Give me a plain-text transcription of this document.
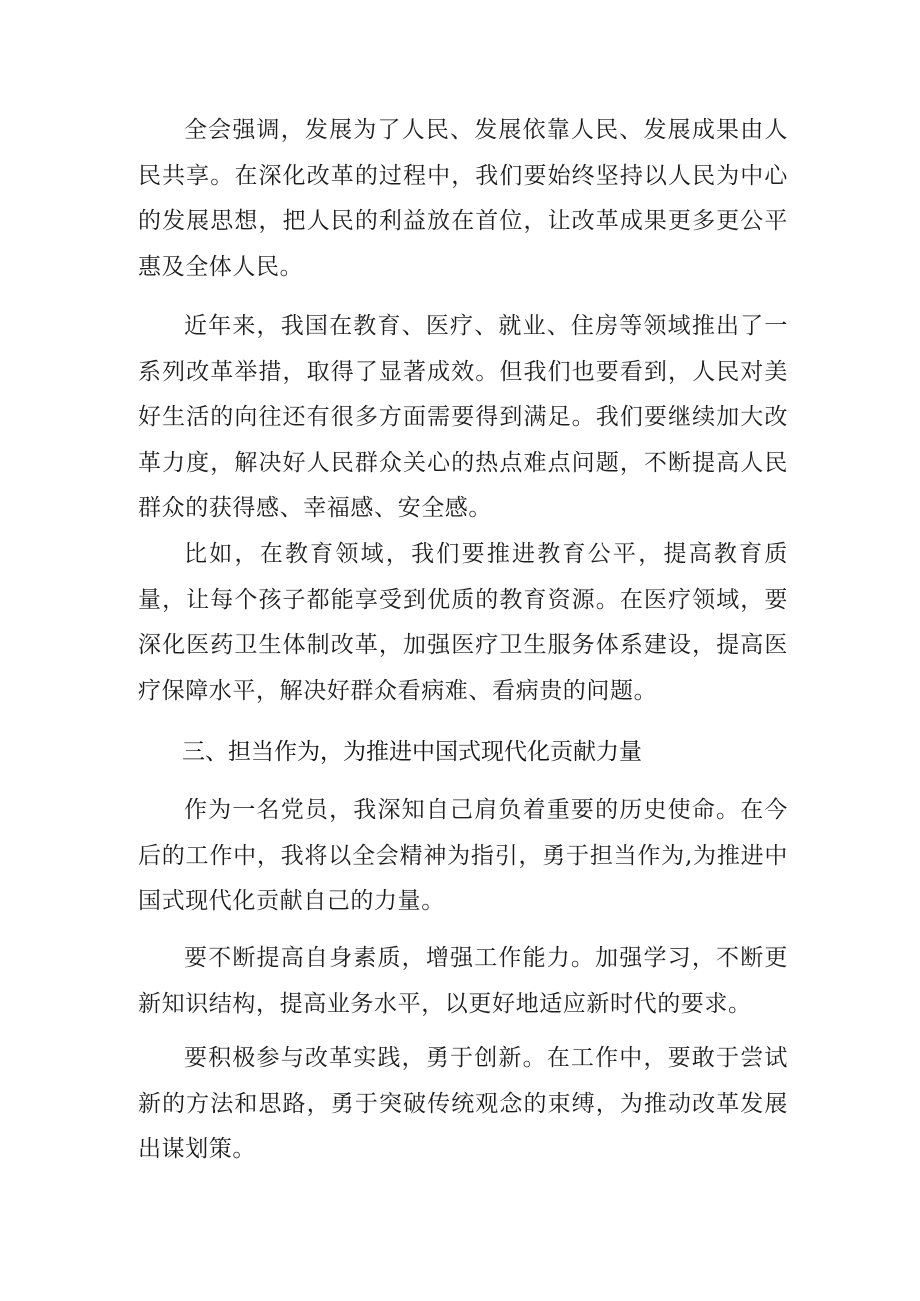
全会强调，发展为了人民、发展依靠人民、发展成果由人民共享。在深化改革的过程中，我们要始终坚持以人民为中心的发展思想，把人民的利益放在首位，让改革成果更多更公平惠及全体人民。

近年来，我国在教育、医疗、就业、住房等领域推出了一系列改革举措，取得了显著成效。但我们也要看到，人民对美好生活的向往还有很多方面需要得到满足。我们要继续加大改革力度，解决好人民群众关心的热点难点问题，不断提高人民群众的获得感、幸福感、安全感。

比如，在教育领域，我们要推进教育公平，提高教育质量，让每个孩子都能享受到优质的教育资源。在医疗领域，要深化医药卫生体制改革，加强医疗卫生服务体系建设，提高医疗保障水平，解决好群众看病难、看病贵的问题。

三、担当作为，为推进中国式现代化贡献力量

作为一名党员，我深知自己肩负着重要的历史使命。在今后的工作中，我将以全会精神为指引，勇于担当作为,为推进中国式现代化贡献自己的力量。

要不断提高自身素质，增强工作能力。加强学习，不断更新知识结构，提高业务水平，以更好地适应新时代的要求。

要积极参与改革实践，勇于创新。在工作中，要敢于尝试新的方法和思路，勇于突破传统观念的束缚，为推动改革发展出谋划策。
